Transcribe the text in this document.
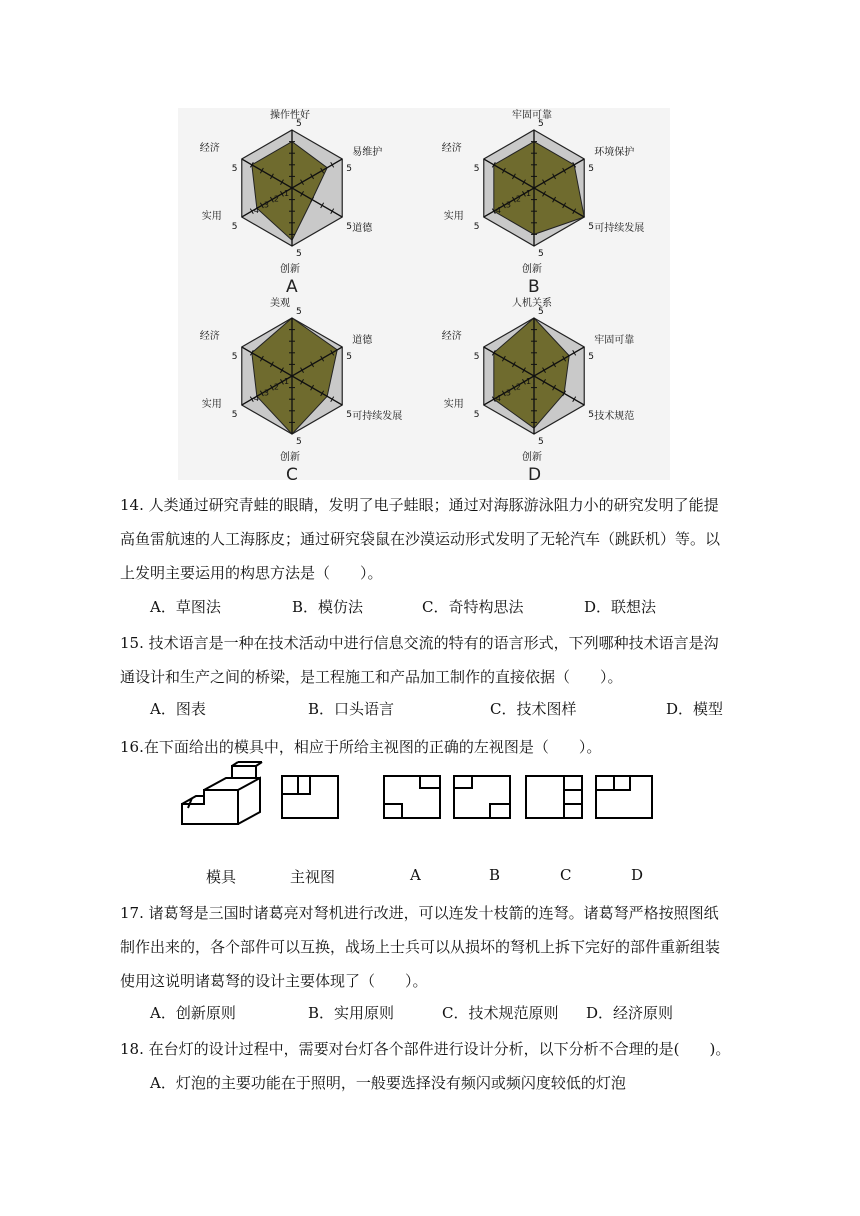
4
3
2
1
5
5
5
5
5
5
操作性好
易维护
道德
创新
实用
经济
A
4
3
2
1
5
5
5
5
5
5
牢固可靠
环境保护
可持续发展
创新
实用
经济
B
4
3
2
1
5
5
5
5
5
5
美观
道德
可持续发展
创新
实用
经济
C
4
3
2
1
5
5
5
5
5
5
人机关系
牢固可靠
技术规范
创新
实用
经济
D

14. 人类通过研究青蛙的眼睛，发明了电子蛙眼；通过对海豚游泳阻力小的研究发明了能提

高鱼雷航速的人工海豚皮；通过研究袋鼠在沙漠运动形式发明了无轮汽车（跳跃机）等。以

上发明主要运用的构思方法是（　　）。

A．草图法	B．模仿法	C．奇特构思法	D．联想法

15. 技术语言是一种在技术活动中进行信息交流的特有的语言形式，下列哪种技术语言是沟

通设计和生产之间的桥梁，是工程施工和产品加工制作的直接依据（　　）。

A．图表	B．口头语言	C．技术图样	D．模型

16.在下面给出的模具中，相应于所给主视图的正确的左视图是（　　）。

模具	主视图	A	B	C	D

17. 诸葛弩是三国时诸葛亮对弩机进行改进，可以连发十枝箭的连弩。诸葛弩严格按照图纸

制作出来的，各个部件可以互换，战场上士兵可以从损坏的弩机上拆下完好的部件重新组装

使用这说明诸葛弩的设计主要体现了（　　）。

A．创新原则	B．实用原则	C．技术规范原则 D．经济原则

18. 在台灯的设计过程中，需要对台灯各个部件进行设计分析，以下分析不合理的是(　　)。

A．灯泡的主要功能在于照明，一般要选择没有频闪或频闪度较低的灯泡
